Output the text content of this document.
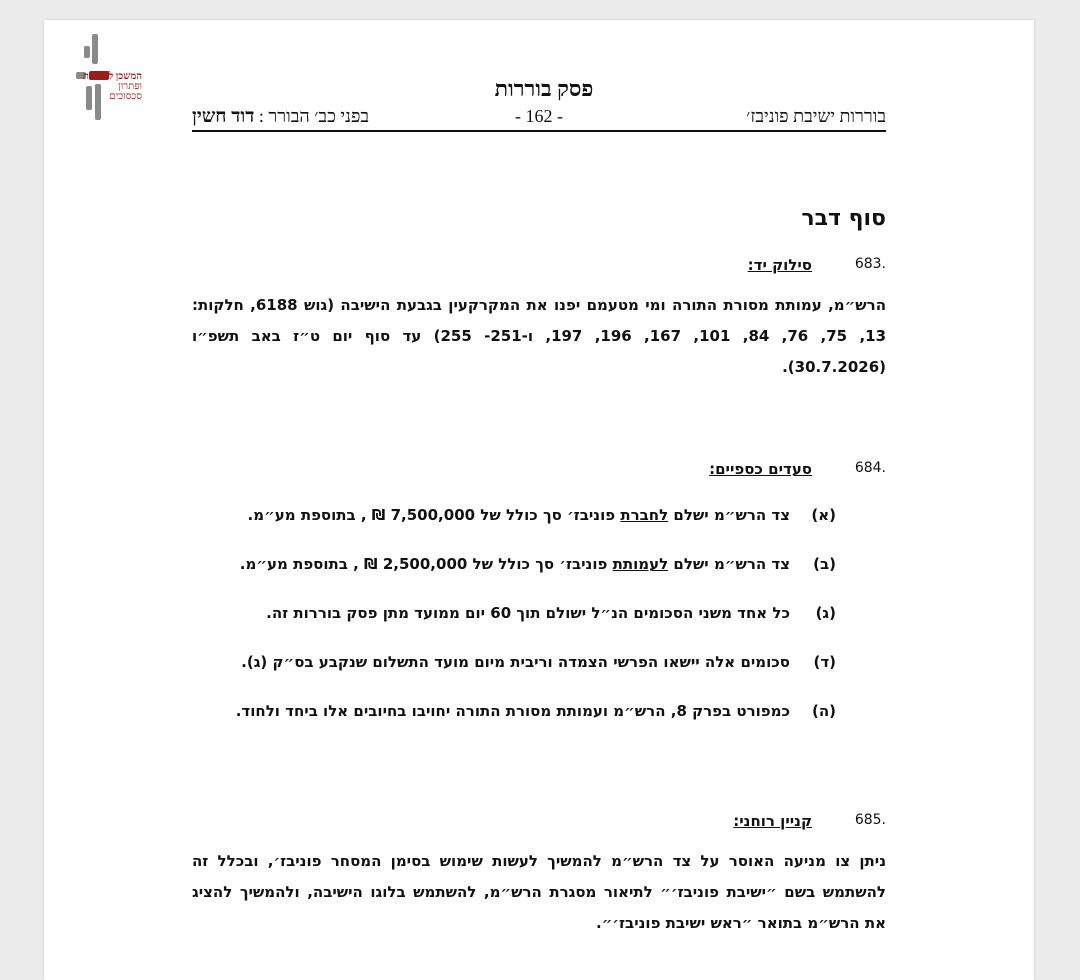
המשכן לבוררות
ופתרון
סכסוכים	פסק בוררות
בוררות ישיבת פוניבז׳
- 162 -
בפני כב׳ הבורר : דוד חשין
סוף דבר
683.
סילוק יד:

הרש״מ, עמותת מסורת התורה ומי מטעמם יפנו את המקרקעין בגבעת הישיבה (גוש 6188, חלקות: 13, 75, 76, 84, 101, 167, 196, 197, ו-251- 255) עד סוף יום ט״ז באב תשפ״ו (30.7.2026).

684.
סעדים כספיים:
(א)
צד הרש״מ ישלם לחברת פוניבז׳ סך כולל של 7,500,000 ₪ , בתוספת מע״מ.
(ב)
צד הרש״מ ישלם לעמותת פוניבז׳ סך כולל של 2,500,000 ₪ , בתוספת מע״מ.
(ג)
כל אחד משני הסכומים הנ״ל ישולם תוך 60 יום ממועד מתן פסק בוררות זה.
(ד)
סכומים אלה יישאו הפרשי הצמדה וריבית מיום מועד התשלום שנקבע בס״ק (ג).
(ה)
כמפורט בפרק 8, הרש״מ ועמותת מסורת התורה יחויבו בחיובים אלו ביחד ולחוד.
685.
קניין רוחני:

ניתן צו מניעה האוסר על צד הרש״מ להמשיך לעשות שימוש בסימן המסחר פוניבז׳, ובכלל זה להשתמש בשם ״ישיבת פוניבז׳״ לתיאור מסגרת הרש״מ, להשתמש בלוגו הישיבה, ולהמשיך להציג את הרש״מ בתואר ״ראש ישיבת פוניבז׳״.
